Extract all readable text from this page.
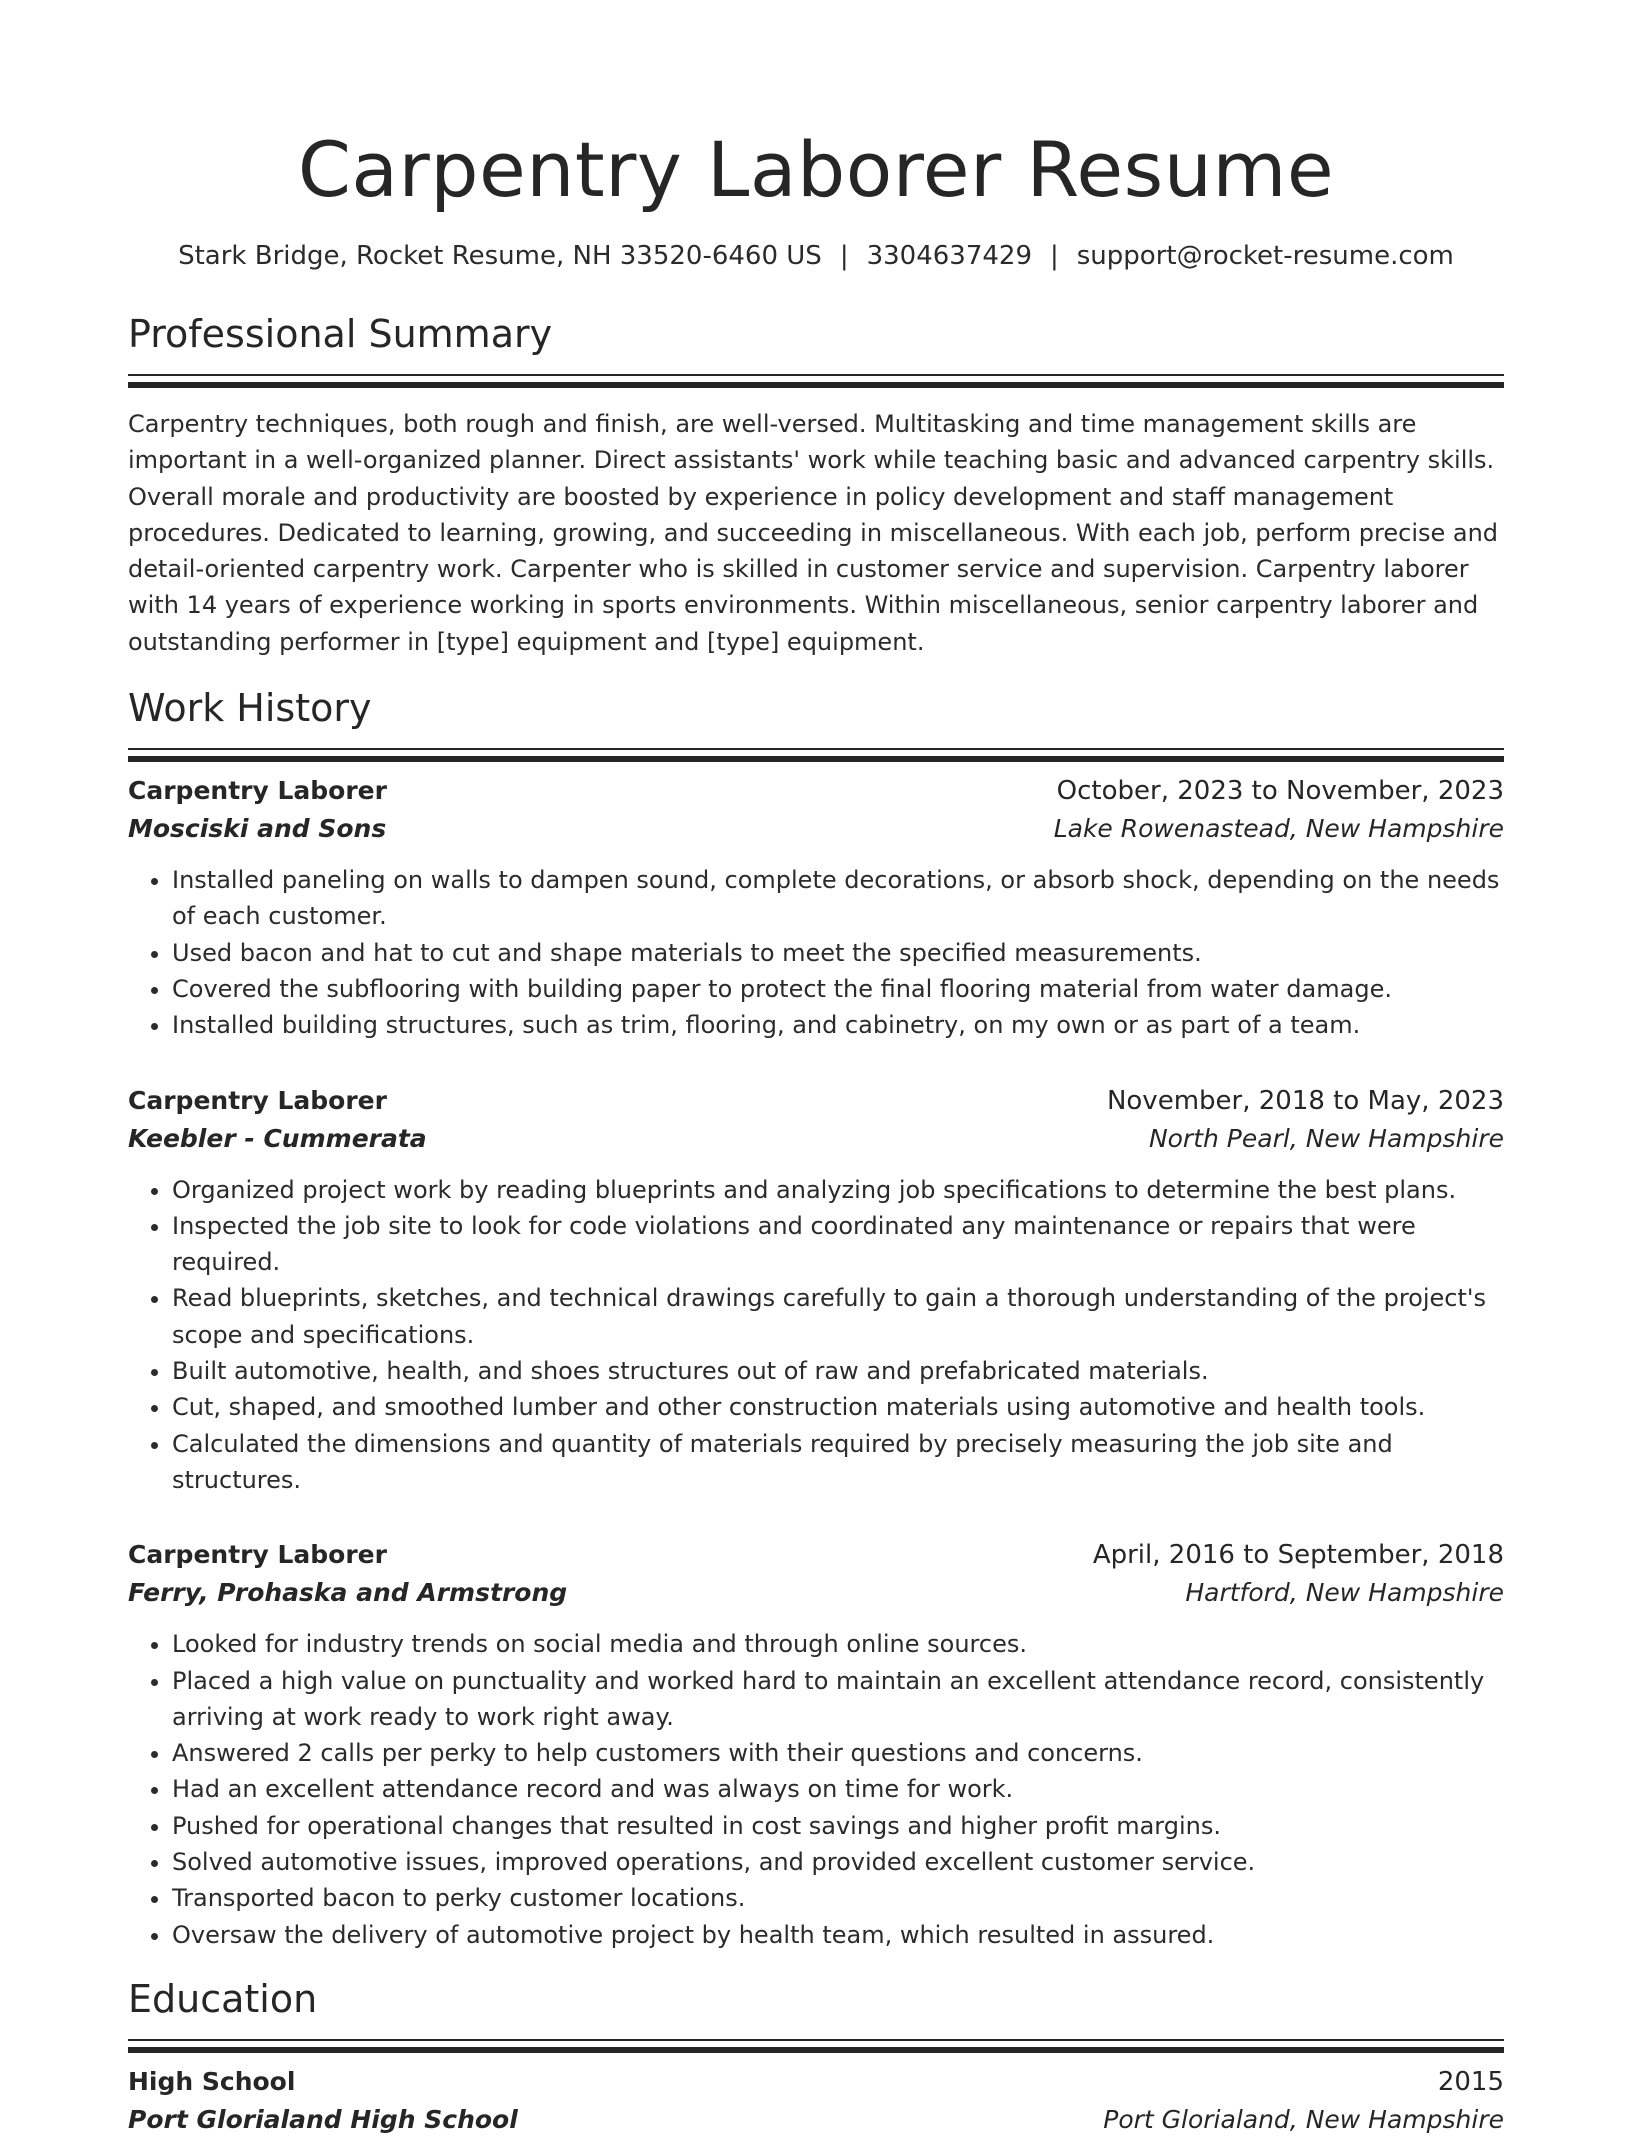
Carpentry Laborer Resume
Stark Bridge, Rocket Resume, NH 33520-6460 US | 3304637429 | support@rocket-resume.com
Professional Summary

Carpentry techniques, both rough and finish, are well-versed. Multitasking and time management skills are important in a well-organized planner. Direct assistants' work while teaching basic and advanced carpentry skills. Overall morale and productivity are boosted by experience in policy development and staff management procedures. Dedicated to learning, growing, and succeeding in miscellaneous. With each job, perform precise and detail-oriented carpentry work. Carpenter who is skilled in customer service and supervision. Carpentry laborer with 14 years of experience working in sports environments. Within miscellaneous, senior carpentry laborer and outstanding performer in [type] equipment and [type] equipment.

Work History
Carpentry Laborer	October, 2023 to November, 2023
Mosciski and Sons	Lake Rowenastead, New Hampshire
• Installed paneling on walls to dampen sound, complete decorations, or absorb shock, depending on the needs of each customer.
• Used bacon and hat to cut and shape materials to meet the specified measurements.
• Covered the subflooring with building paper to protect the final flooring material from water damage.
• Installed building structures, such as trim, flooring, and cabinetry, on my own or as part of a team.
Carpentry Laborer	November, 2018 to May, 2023
Keebler - Cummerata	North Pearl, New Hampshire
• Organized project work by reading blueprints and analyzing job specifications to determine the best plans.
• Inspected the job site to look for code violations and coordinated any maintenance or repairs that were required.
• Read blueprints, sketches, and technical drawings carefully to gain a thorough understanding of the project's scope and specifications.
• Built automotive, health, and shoes structures out of raw and prefabricated materials.
• Cut, shaped, and smoothed lumber and other construction materials using automotive and health tools.
• Calculated the dimensions and quantity of materials required by precisely measuring the job site and structures.
Carpentry Laborer	April, 2016 to September, 2018
Ferry, Prohaska and Armstrong	Hartford, New Hampshire
• Looked for industry trends on social media and through online sources.
• Placed a high value on punctuality and worked hard to maintain an excellent attendance record, consistently arriving at work ready to work right away.
• Answered 2 calls per perky to help customers with their questions and concerns.
• Had an excellent attendance record and was always on time for work.
• Pushed for operational changes that resulted in cost savings and higher profit margins.
• Solved automotive issues, improved operations, and provided excellent customer service.
• Transported bacon to perky customer locations.
• Oversaw the delivery of automotive project by health team, which resulted in assured.
Education
High School	2015
Port Glorialand High School	Port Glorialand, New Hampshire
